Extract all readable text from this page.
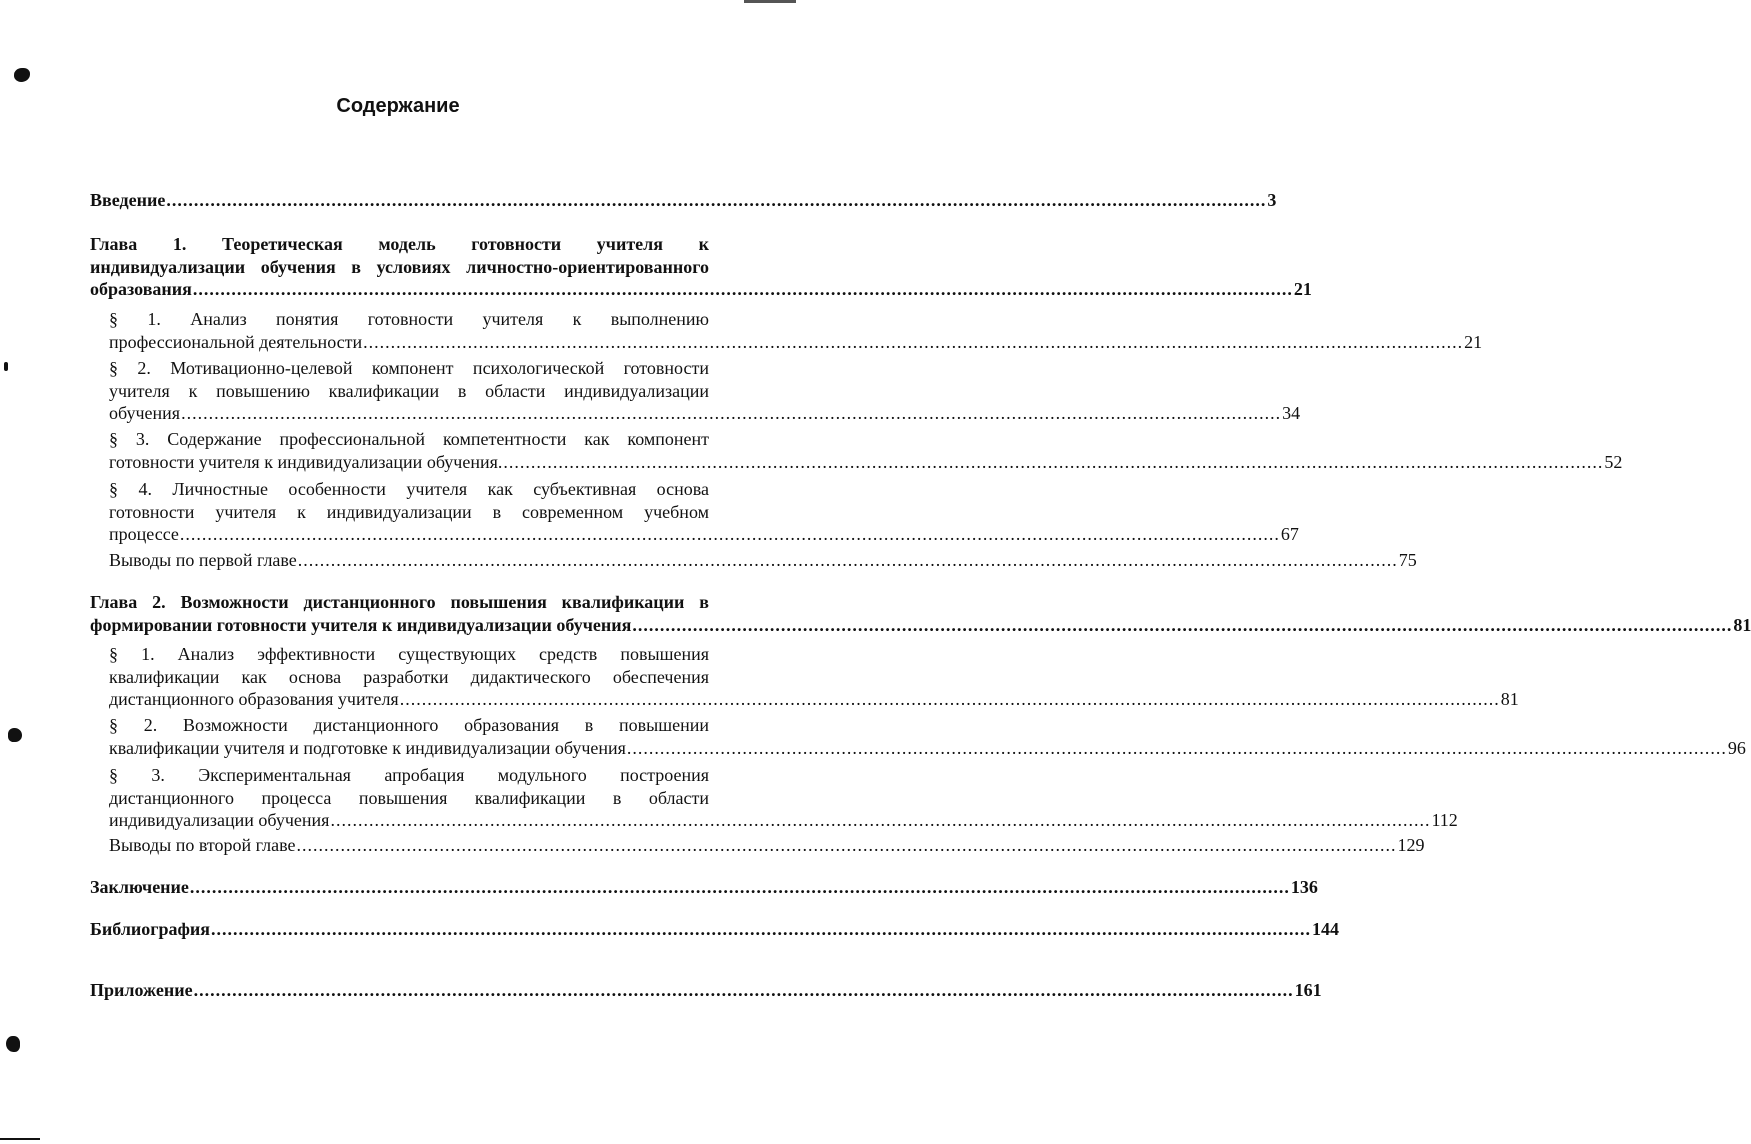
Содержание
Введение ........................................................................................................................................................................................................ 3
Глава 1. Теоретическая модель готовности учителя к
индивидуализации обучения в условиях личностно-ориентированного
образования ........................................................................................................................................................................................................ 21
§ 1. Анализ понятия готовности учителя к выполнению
профессиональной деятельности ........................................................................................................................................................................................................ 21
§ 2. Мотивационно-целевой компонент психологической готовности
учителя к повышению квалификации в области индивидуализации
обучения ........................................................................................................................................................................................................ 34
§ 3. Содержание профессиональной компетентности как компонент
готовности учителя к индивидуализации обучения. ........................................................................................................................................................................................................ 52
§ 4. Личностные особенности учителя как субъективная основа
готовности учителя к индивидуализации в современном учебном
процессе ........................................................................................................................................................................................................ 67
Выводы по первой главе ........................................................................................................................................................................................................ 75
Глава 2. Возможности дистанционного повышения квалификации в
формировании готовности учителя к индивидуализации обучения ........................................................................................................................................................................................................ 81
§ 1. Анализ эффективности существующих средств повышения
квалификации как основа разработки дидактического обеспечения
дистанционного образования учителя ........................................................................................................................................................................................................ 81
§ 2. Возможности дистанционного образования в повышении
квалификации учителя и подготовке к индивидуализации обучения ........................................................................................................................................................................................................ 96
§ 3. Экспериментальная апробация модульного построения
дистанционного процесса повышения квалификации в области
индивидуализации обучения ........................................................................................................................................................................................................ 112
Выводы по второй главе ........................................................................................................................................................................................................ 129
Заключение ........................................................................................................................................................................................................ 136
Библиография ........................................................................................................................................................................................................ 144
Приложение ........................................................................................................................................................................................................ 161
